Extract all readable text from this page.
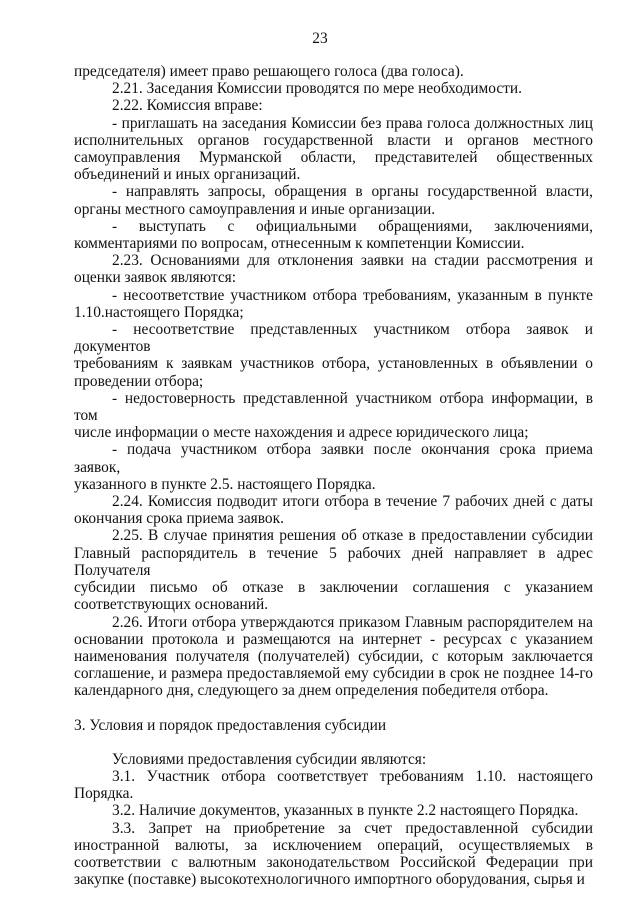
23
председателя) имеет право решающего голоса (два голоса).
2.21. Заседания Комиссии проводятся по мере необходимости.
2.22. Комиссия вправе:
- приглашать на заседания Комиссии без права голоса должностных лиц
исполнительных органов государственной власти и органов местного
самоуправления Мурманской области, представителей общественных
объединений и иных организаций.
- направлять запросы, обращения в органы государственной власти,
органы местного самоуправления и иные организации.
- выступать с официальными обращениями, заключениями,
комментариями по вопросам, отнесенным к компетенции Комиссии.
2.23. Основаниями для отклонения заявки на стадии рассмотрения и
оценки заявок являются:
- несоответствие участником отбора требованиям, указанным в пункте
1.10.настоящего Порядка;
- несоответствие представленных участником отбора заявок и документов
требованиям к заявкам участников отбора, установленных в объявлении о
проведении отбора;
- недостоверность представленной участником отбора информации, в том
числе информации о месте нахождения и адресе юридического лица;
- подача участником отбора заявки после окончания срока приема заявок,
указанного в пункте 2.5. настоящего Порядка.
2.24. Комиссия подводит итоги отбора в течение 7 рабочих дней с даты
окончания срока приема заявок.
2.25. В случае принятия решения об отказе в предоставлении субсидии
Главный распорядитель в течение 5 рабочих дней направляет в адрес Получателя
субсидии письмо об отказе в заключении соглашения с указанием
соответствующих оснований.
2.26. Итоги отбора утверждаются приказом Главным распорядителем на
основании протокола и размещаются на интернет - ресурсах с указанием
наименования получателя (получателей) субсидии, с которым заключается
соглашение, и размера предоставляемой ему субсидии в срок не позднее 14-го
календарного дня, следующего за днем определения победителя отбора.
3. Условия и порядок предоставления субсидии
Условиями предоставления субсидии являются:
3.1. Участник отбора соответствует требованиям 1.10. настоящего
Порядка.
3.2. Наличие документов, указанных в пункте 2.2 настоящего Порядка.
3.3. Запрет на приобретение за счет предоставленной субсидии
иностранной валюты, за исключением операций, осуществляемых в
соответствии с валютным законодательством Российской Федерации при
закупке (поставке) высокотехнологичного импортного оборудования, сырья и
